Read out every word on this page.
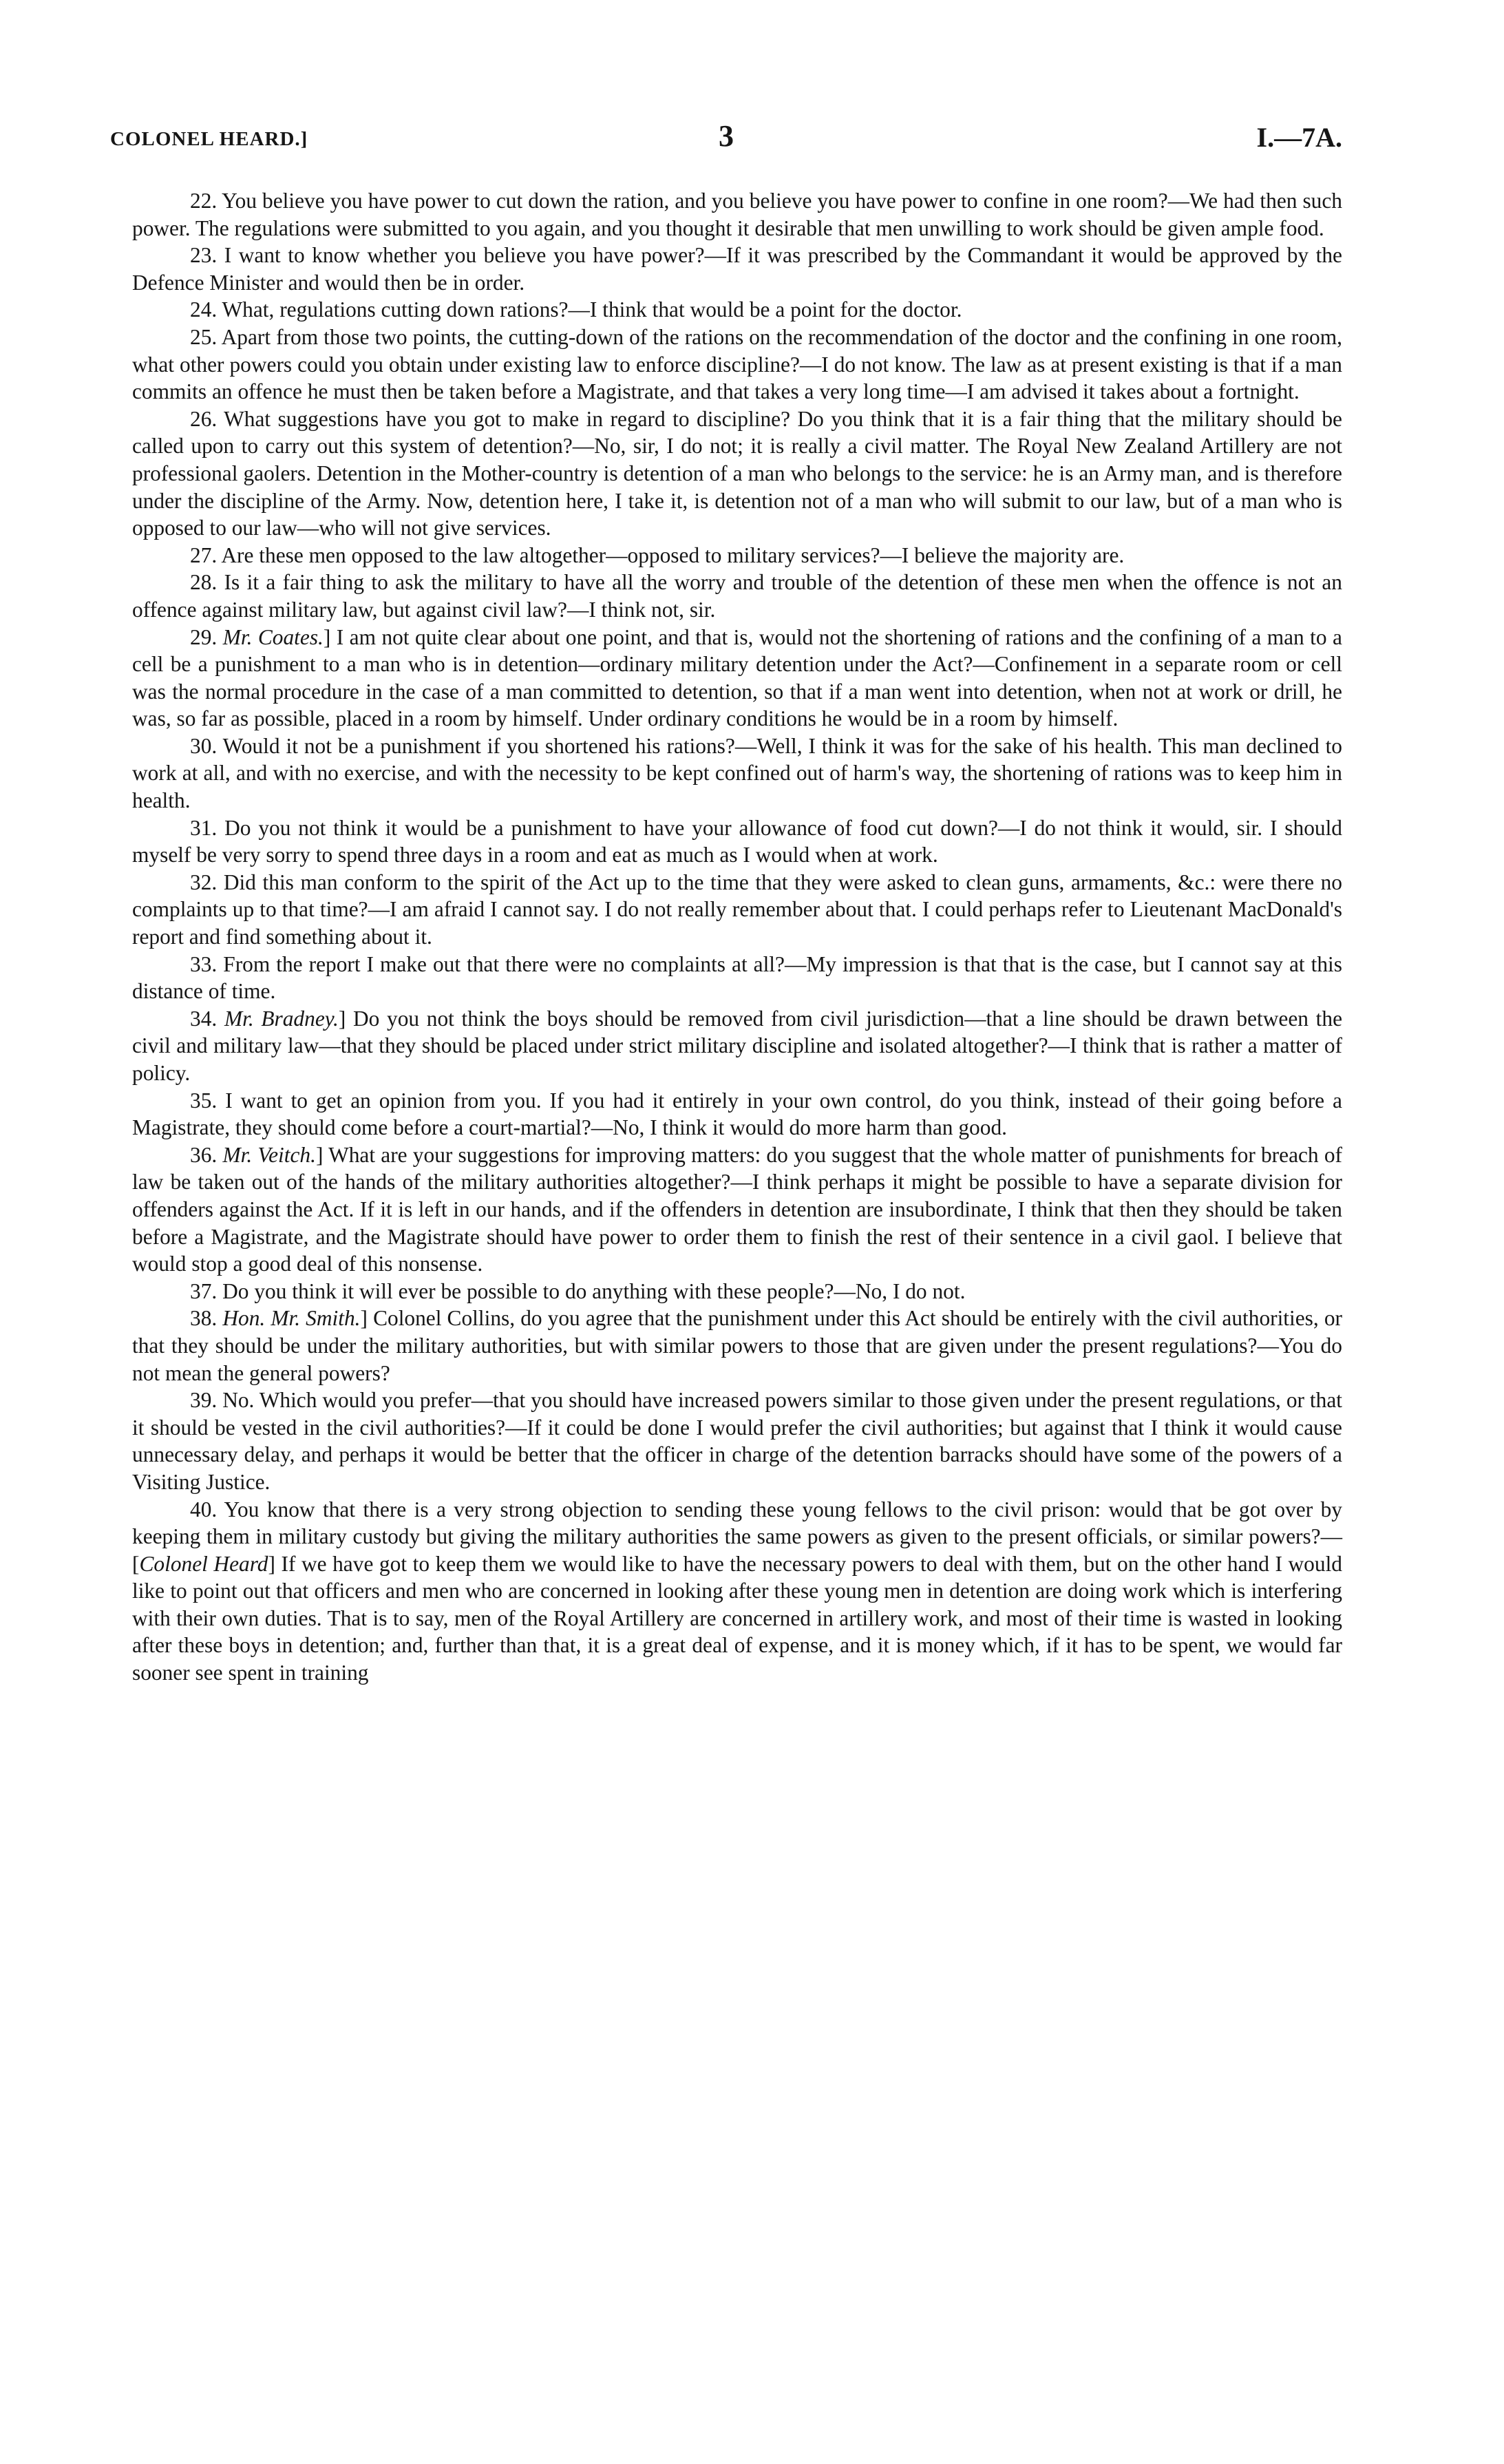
COLONEL HEARD.]	3	I.—7A.

22. You believe you have power to cut down the ration, and you believe you have power to confine in one room?—We had then such power. The regulations were submitted to you again, and you thought it desirable that men unwilling to work should be given ample food.

23. I want to know whether you believe you have power?—If it was prescribed by the Commandant it would be approved by the Defence Minister and would then be in order.

24. What, regulations cutting down rations?—I think that would be a point for the doctor.

25. Apart from those two points, the cutting-down of the rations on the recommendation of the doctor and the confining in one room, what other powers could you obtain under existing law to enforce discipline?—I do not know. The law as at present existing is that if a man commits an offence he must then be taken before a Magistrate, and that takes a very long time—I am advised it takes about a fortnight.

26. What suggestions have you got to make in regard to discipline? Do you think that it is a fair thing that the military should be called upon to carry out this system of detention?—No, sir, I do not; it is really a civil matter. The Royal New Zealand Artillery are not professional gaolers. Detention in the Mother-country is detention of a man who belongs to the service: he is an Army man, and is therefore under the discipline of the Army. Now, detention here, I take it, is detention not of a man who will submit to our law, but of a man who is opposed to our law—who will not give services.

27. Are these men opposed to the law altogether—opposed to military services?—I believe the majority are.

28. Is it a fair thing to ask the military to have all the worry and trouble of the detention of these men when the offence is not an offence against military law, but against civil law?—I think not, sir.

29. Mr. Coates.] I am not quite clear about one point, and that is, would not the shortening of rations and the confining of a man to a cell be a punishment to a man who is in detention—ordinary military detention under the Act?—Confinement in a separate room or cell was the normal procedure in the case of a man committed to detention, so that if a man went into detention, when not at work or drill, he was, so far as possible, placed in a room by himself. Under ordinary conditions he would be in a room by himself.

30. Would it not be a punishment if you shortened his rations?—Well, I think it was for the sake of his health. This man declined to work at all, and with no exercise, and with the necessity to be kept confined out of harm's way, the shortening of rations was to keep him in health.

31. Do you not think it would be a punishment to have your allowance of food cut down?—I do not think it would, sir. I should myself be very sorry to spend three days in a room and eat as much as I would when at work.

32. Did this man conform to the spirit of the Act up to the time that they were asked to clean guns, armaments, &c.: were there no complaints up to that time?—I am afraid I cannot say. I do not really remember about that. I could perhaps refer to Lieutenant MacDonald's report and find something about it.

33. From the report I make out that there were no complaints at all?—My impression is that that is the case, but I cannot say at this distance of time.

34. Mr. Bradney.] Do you not think the boys should be removed from civil jurisdiction—that a line should be drawn between the civil and military law—that they should be placed under strict military discipline and isolated altogether?—I think that is rather a matter of policy.

35. I want to get an opinion from you. If you had it entirely in your own control, do you think, instead of their going before a Magistrate, they should come before a court-martial?—No, I think it would do more harm than good.

36. Mr. Veitch.] What are your suggestions for improving matters: do you suggest that the whole matter of punishments for breach of law be taken out of the hands of the military authorities altogether?—I think perhaps it might be possible to have a separate division for offenders against the Act. If it is left in our hands, and if the offenders in detention are insubordinate, I think that then they should be taken before a Magistrate, and the Magistrate should have power to order them to finish the rest of their sentence in a civil gaol. I believe that would stop a good deal of this nonsense.

37. Do you think it will ever be possible to do anything with these people?—No, I do not.

38. Hon. Mr. Smith.] Colonel Collins, do you agree that the punishment under this Act should be entirely with the civil authorities, or that they should be under the military authorities, but with similar powers to those that are given under the present regulations?—You do not mean the general powers?

39. No. Which would you prefer—that you should have increased powers similar to those given under the present regulations, or that it should be vested in the civil authorities?—If it could be done I would prefer the civil authorities; but against that I think it would cause unnecessary delay, and perhaps it would be better that the officer in charge of the detention barracks should have some of the powers of a Visiting Justice.

40. You know that there is a very strong objection to sending these young fellows to the civil prison: would that be got over by keeping them in military custody but giving the military authorities the same powers as given to the present officials, or similar powers?—[Colonel Heard] If we have got to keep them we would like to have the necessary powers to deal with them, but on the other hand I would like to point out that officers and men who are concerned in looking after these young men in detention are doing work which is interfering with their own duties. That is to say, men of the Royal Artillery are concerned in artillery work, and most of their time is wasted in looking after these boys in detention; and, further than that, it is a great deal of expense, and it is money which, if it has to be spent, we would far sooner see spent in training
